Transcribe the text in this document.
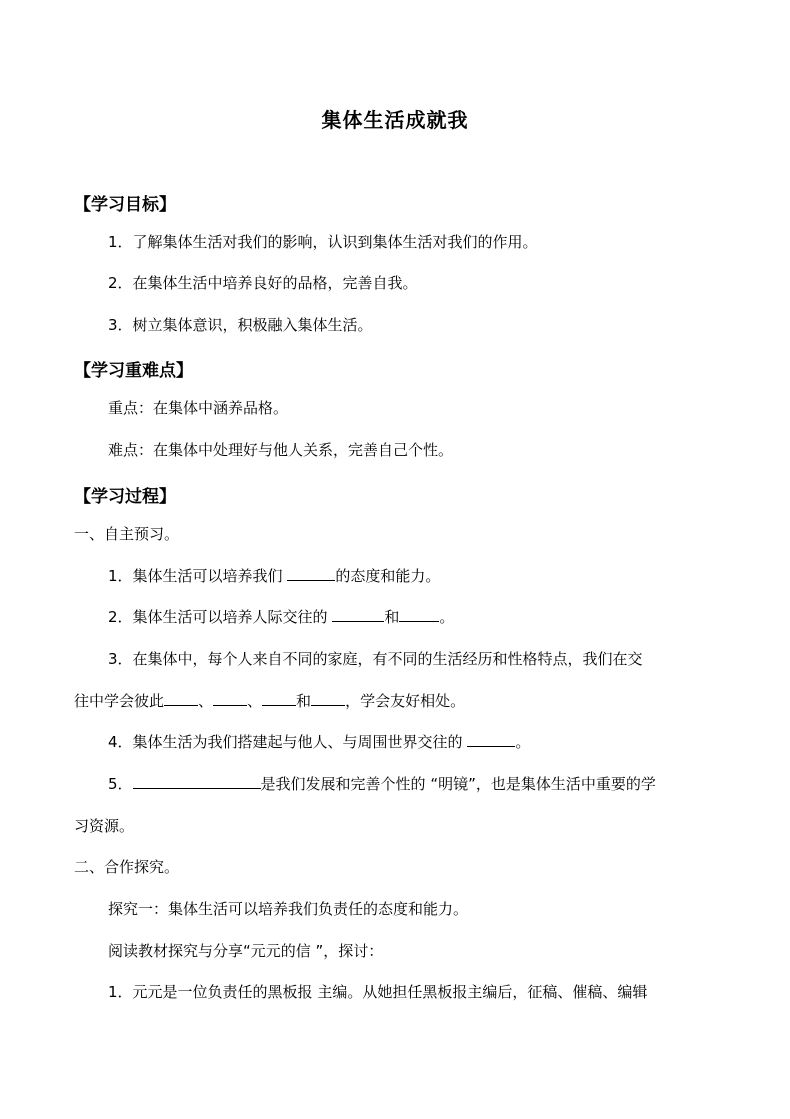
集体生活成就我
【学习目标】
1．了解集体生活对我们的影响，认识到集体生活对我们的作用。
2．在集体生活中培养良好的品格，完善自我。
3．树立集体意识，积极融入集体生活。
【学习重难点】
重点：在集体中涵养品格。
难点：在集体中处理好与他人关系，完善自己个性。
【学习过程】
一、自主预习。
1．集体生活可以培养我们	的态度和能力。
2．集体生活可以培养人际交往的	和	。
3．在集体中，每个人来自不同的家庭，有不同的生活经历和性格特点，我们在交
往中学会彼此 、 、 和 ，学会友好相处。
4．集体生活为我们搭建起与他人、与周围世界交往的	。
5．	是我们发展和完善个性的 “明镜”，也是集体生活中重要的学
习资源。
二、合作探究。
探究一：集体生活可以培养我们负责任的态度和能力。
阅读教材探究与分享“元元的信 ”，探讨：
1．元元是一位负责任的黑板报 主编。从她担任黑板报主编后，征稿、催稿、编辑
